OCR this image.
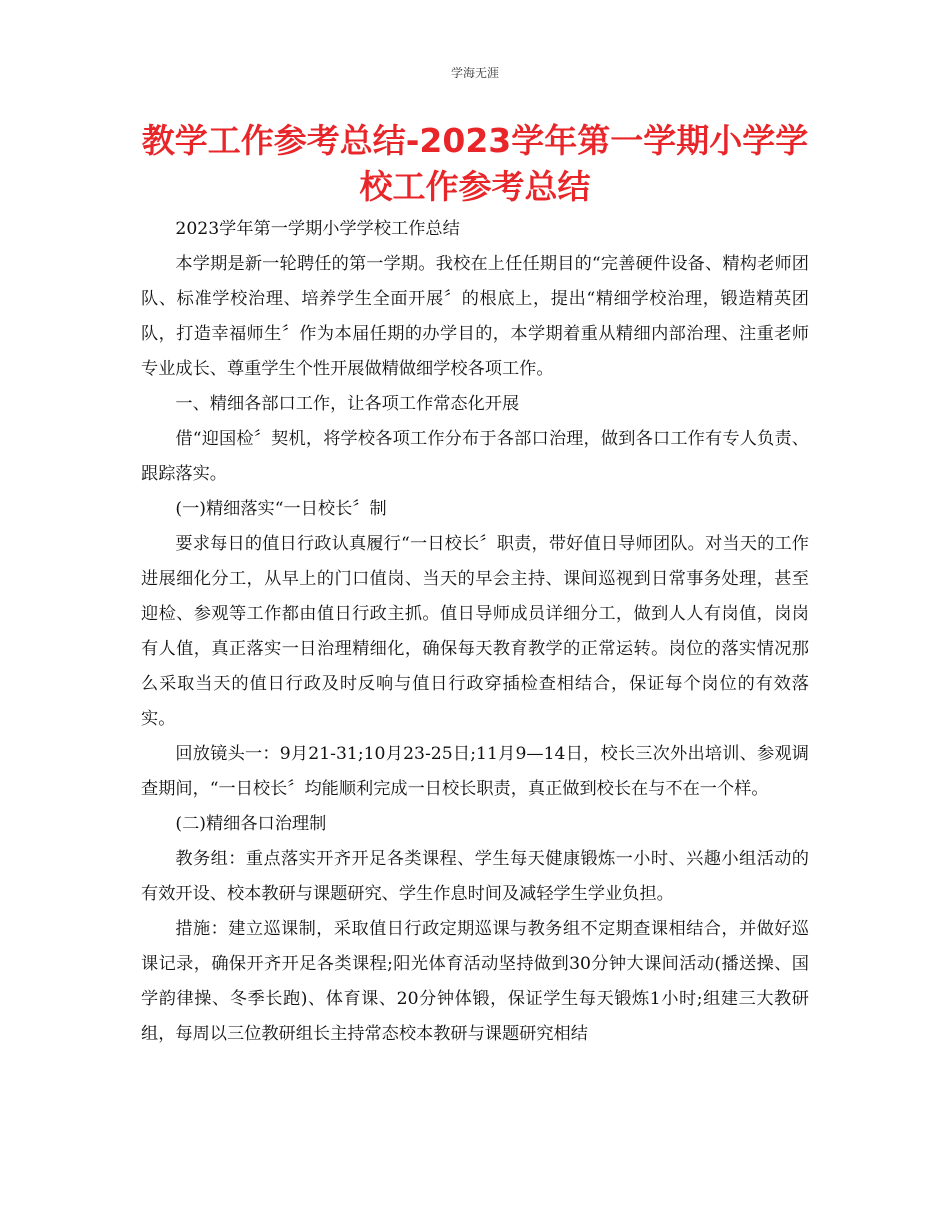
学海无涯
教学工作参考总结-2023学年第一学期小学学校工作参考总结

2023学年第一学期小学学校工作总结

本学期是新一轮聘任的第一学期。我校在上任任期目的“完善硬件设备、精构老师团队、标准学校治理、培养学生全面开展〞的根底上，提出“精细学校治理，锻造精英团队，打造幸福师生〞作为本届任期的办学目的，本学期着重从精细内部治理、注重老师专业成长、尊重学生个性开展做精做细学校各项工作。

一、精细各部口工作，让各项工作常态化开展

借“迎国检〞契机，将学校各项工作分布于各部口治理，做到各口工作有专人负责、跟踪落实。

(一)精细落实“一日校长〞制

要求每日的值日行政认真履行“一日校长〞职责，带好值日导师团队。对当天的工作进展细化分工，从早上的门口值岗、当天的早会主持、课间巡视到日常事务处理，甚至迎检、参观等工作都由值日行政主抓。值日导师成员详细分工，做到人人有岗值，岗岗有人值，真正落实一日治理精细化，确保每天教育教学的正常运转。岗位的落实情况那么采取当天的值日行政及时反响与值日行政穿插检查相结合，保证每个岗位的有效落实。

回放镜头一：9月21-31;10月23-25日;11月9—14日，校长三次外出培训、参观调查期间，“一日校长〞均能顺利完成一日校长职责，真正做到校长在与不在一个样。

(二)精细各口治理制

教务组：重点落实开齐开足各类课程、学生每天健康锻炼一小时、兴趣小组活动的有效开设、校本教研与课题研究、学生作息时间及减轻学生学业负担。

措施：建立巡课制，采取值日行政定期巡课与教务组不定期查课相结合，并做好巡课记录，确保开齐开足各类课程;阳光体育活动坚持做到30分钟大课间活动(播送操、国学韵律操、冬季长跑)、体育课、20分钟体锻，保证学生每天锻炼1小时;组建三大教研组，每周以三位教研组长主持常态校本教研与课题研究相结
